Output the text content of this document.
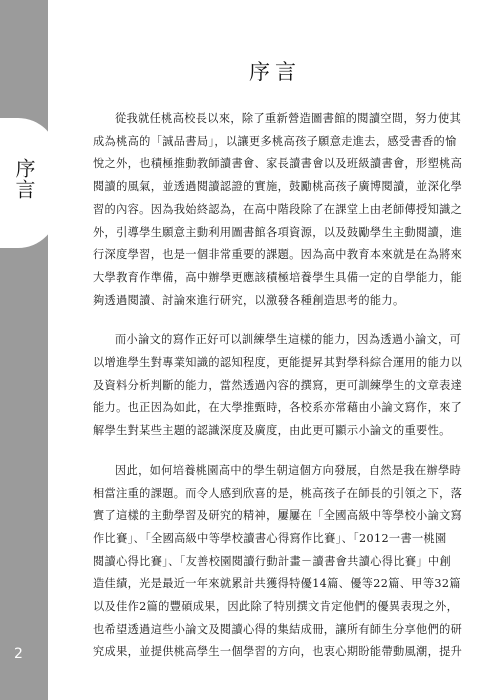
序言
2
序言

從我就任桃高校長以來，除了重新營造圖書館的閱讀空間，努力使其
成為桃高的「誠品書局」，以讓更多桃高孩子願意走進去，感受書香的愉
悅之外，也積極推動教師讀書會、家長讀書會以及班級讀書會，形塑桃高
閱讀的風氣，並透過閱讀認證的實施，鼓勵桃高孩子廣博閱讀，並深化學
習的內容。因為我始終認為，在高中階段除了在課堂上由老師傳授知識之
外，引導學生願意主動利用圖書館各項資源，以及鼓勵學生主動閱讀，進
行深度學習，也是一個非常重要的課題。因為高中教育本來就是在為將來
大學教育作準備，高中辦學更應該積極培養學生具備一定的自學能力，能
夠透過閱讀、討論來進行研究，以激發各種創造思考的能力。

而小論文的寫作正好可以訓練學生這樣的能力，因為透過小論文，可
以增進學生對專業知識的認知程度，更能提昇其對學科綜合運用的能力以
及資料分析判斷的能力，當然透過內容的撰寫，更可訓練學生的文章表達
能力。也正因為如此，在大學推甄時，各校系亦常藉由小論文寫作，來了
解學生對某些主題的認識深度及廣度，由此更可顯示小論文的重要性。

因此，如何培養桃園高中的學生朝這個方向發展，自然是我在辦學時
相當注重的課題。而令人感到欣喜的是，桃高孩子在師長的引領之下，落
實了這樣的主動學習及研究的精神，屢屢在「全國高級中等學校小論文寫
作比賽」、「全國高級中等學校讀書心得寫作比賽」、「2012一書一桃園
閱讀心得比賽」、「友善校園閱讀行動計畫－讀書會共讀心得比賽」中創
造佳績，光是最近一年來就累計共獲得特優14篇、優等22篇、甲等32篇
以及佳作2篇的豐碩成果，因此除了特別撰文肯定他們的優異表現之外，
也希望透過這些小論文及閱讀心得的集結成冊，讓所有師生分享他們的研
究成果，並提供桃高學生一個學習的方向，也衷心期盼能帶動風潮，提升
